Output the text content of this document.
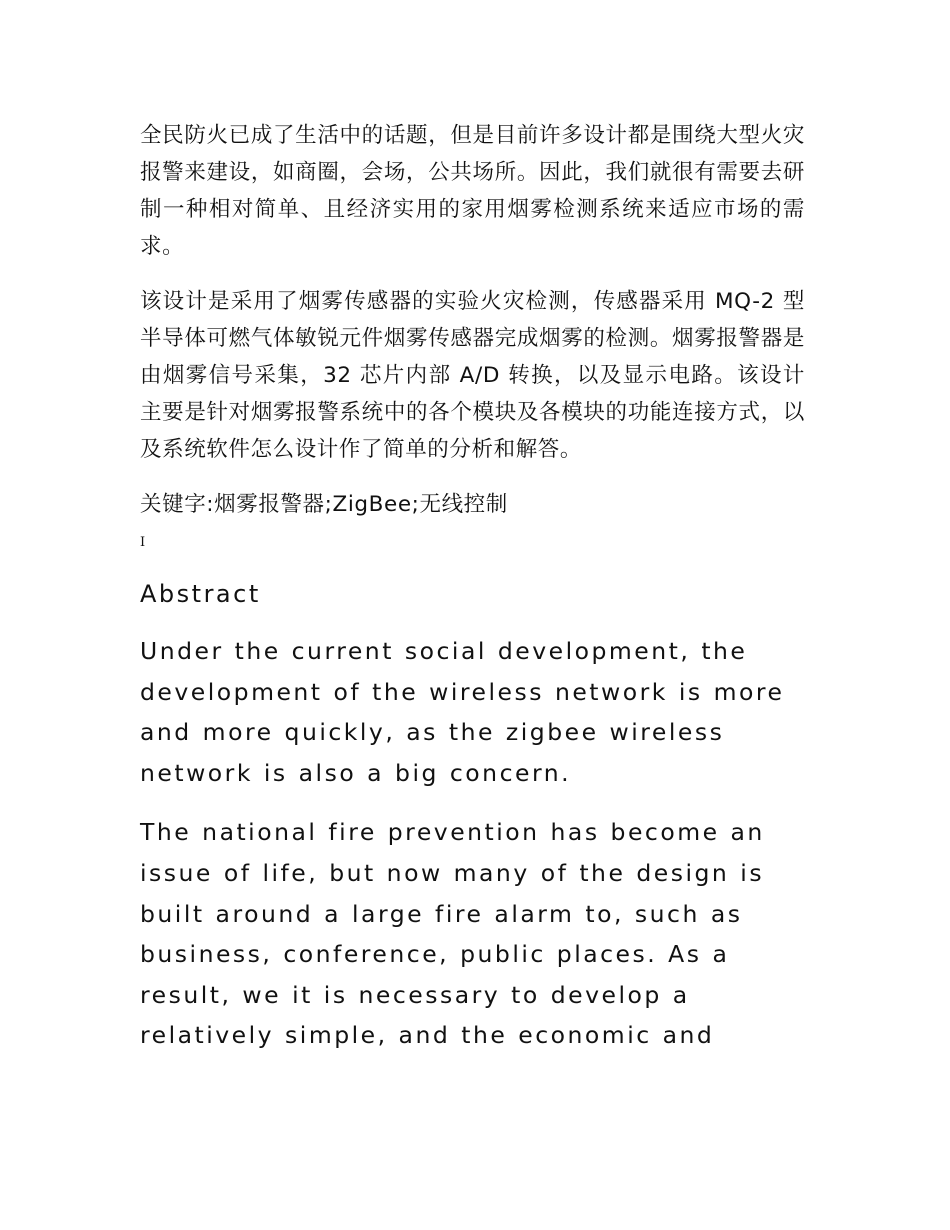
全民防火已成了生活中的话题，但是目前许多设计都是围绕大型火灾报警来建设，如商圈，会场，公共场所。因此，我们就很有需要去研制一种相对简单、且经济实用的家用烟雾检测系统来适应市场的需求。

该设计是采用了烟雾传感器的实验火灾检测，传感器采用 MQ-2 型半导体可燃气体敏锐元件烟雾传感器完成烟雾的检测。烟雾报警器是由烟雾信号采集，32 芯片内部 A/D 转换，以及显示电路。该设计主要是针对烟雾报警系统中的各个模块及各模块的功能连接方式，以及系统软件怎么设计作了简单的分析和解答。

关键字:烟雾报警器;ZigBee;无线控制

I
Abstract

Under the current social development, the development of the wireless network is more and more quickly, as the zigbee wireless network is also a big concern.

The national fire prevention has become an issue of life, but now many of the design is built around a large fire alarm to, such as business, conference, public places. As a result, we it is necessary to develop a relatively simple, and the economic and
